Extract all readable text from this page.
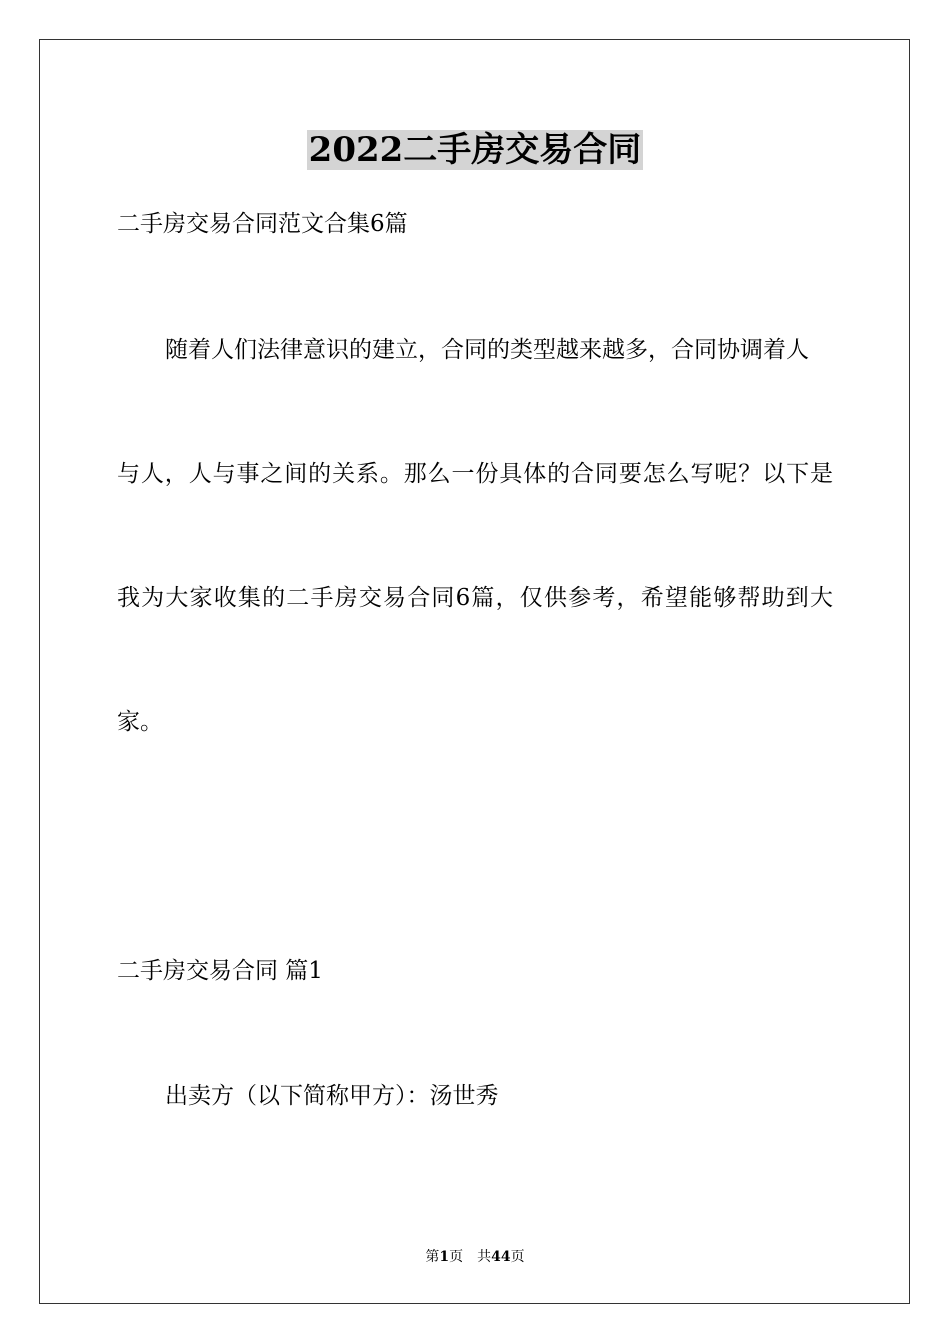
2022二手房交易合同

二手房交易合同范文合集6篇

随着人们法律意识的建立，合同的类型越来越多，合同协调着人

与人，人与事之间的关系。那么一份具体的合同要怎么写呢？以下是

我为大家收集的二手房交易合同6篇，仅供参考，希望能够帮助到大

家。

二手房交易合同 篇1

出卖方（以下简称甲方）：汤世秀

第1页 共44页
